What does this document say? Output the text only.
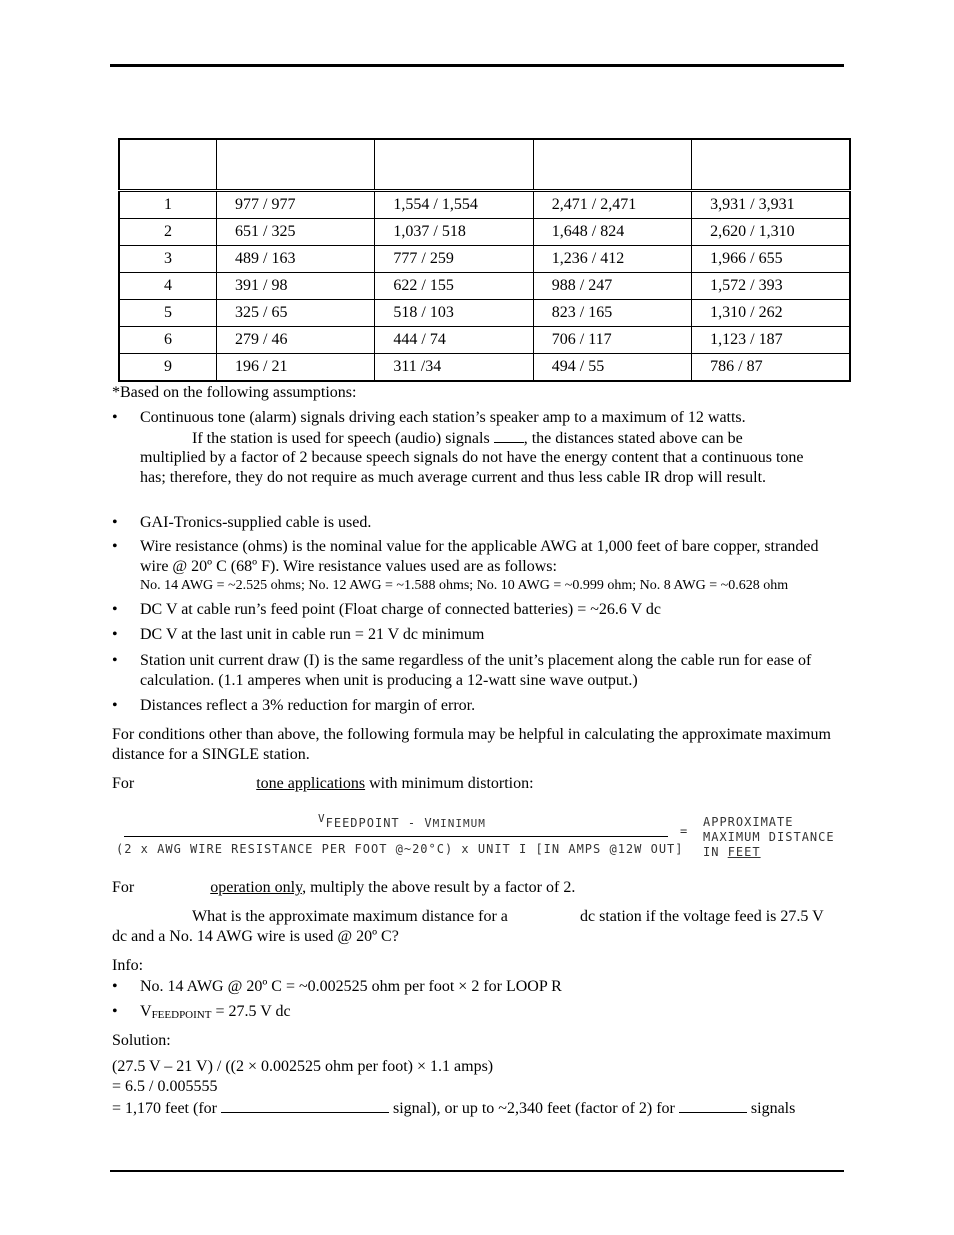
1	977 / 977	1,554 / 1,554	2,471 / 2,471	3,931 / 3,931
2	651 / 325	1,037 / 518	1,648 / 824	2,620 / 1,310
3	489 / 163	777 / 259	1,236 / 412	1,966 / 655
4	391 / 98	622 / 155	988 / 247	1,572 / 393
5	325 / 65	518 / 103	823 / 165	1,310 / 262
6	279 / 46	444 / 74	706 / 117	1,123 / 187
9	196 / 21	311 /34	494 / 55	786 / 87
*Based on the following assumptions:
• Continuous tone (alarm) signals driving each station’s speaker amp to a maximum of 12 watts.
If the station is used for speech (audio) signals , the distances stated above can be
multiplied by a factor of 2 because speech signals do not have the energy content that a continuous tone has; therefore, they do not require as much average current and thus less cable IR drop will result.
• GAI-Tronics-supplied cable is used.
• Wire resistance (ohms) is the nominal value for the applicable AWG at 1,000 feet of bare copper, stranded wire @ 20º C (68º F). Wire resistance values used are as follows:
No. 14 AWG = ~2.525 ohms; No. 12 AWG = ~1.588 ohms; No. 10 AWG = ~0.999 ohm; No. 8 AWG = ~0.628 ohm
• DC V at cable run’s feed point (Float charge of connected batteries) = ~26.6 V dc
• DC V at the last unit in cable run = 21 V dc minimum
• Station unit current draw (I) is the same regardless of the unit’s placement along the cable run for ease of calculation. (1.1 amperes when unit is producing a 12-watt sine wave output.)
• Distances reflect a 3% reduction for margin of error.
For conditions other than above, the following formula may be helpful in calculating the approximate maximum distance for a SINGLE station.
For	tone applications with minimum distortion:
VFEEDPOINT - VMINIMUM
(2 x AWG WIRE RESISTANCE PER FOOT @~20°C) x UNIT I [IN AMPS @12W OUT]
=
APPROXIMATE
MAXIMUM DISTANCE
IN FEET
For	operation only, multiply the above result by a factor of 2.
What is the approximate maximum distance for a	dc station if the voltage feed is 27.5 V
dc and a No. 14 AWG wire is used @ 20º C?
Info:
• No. 14 AWG @ 20º C = ~0.002525 ohm per foot × 2 for LOOP R
• VFEEDPOINT = 27.5 V dc
Solution:
(27.5 V – 21 V) / ((2 × 0.002525 ohm per foot) × 1.1 amps)
= 6.5 / 0.005555
= 1,170 feet (for	signal), or up to ~2,340 feet (factor of 2) for	signals
